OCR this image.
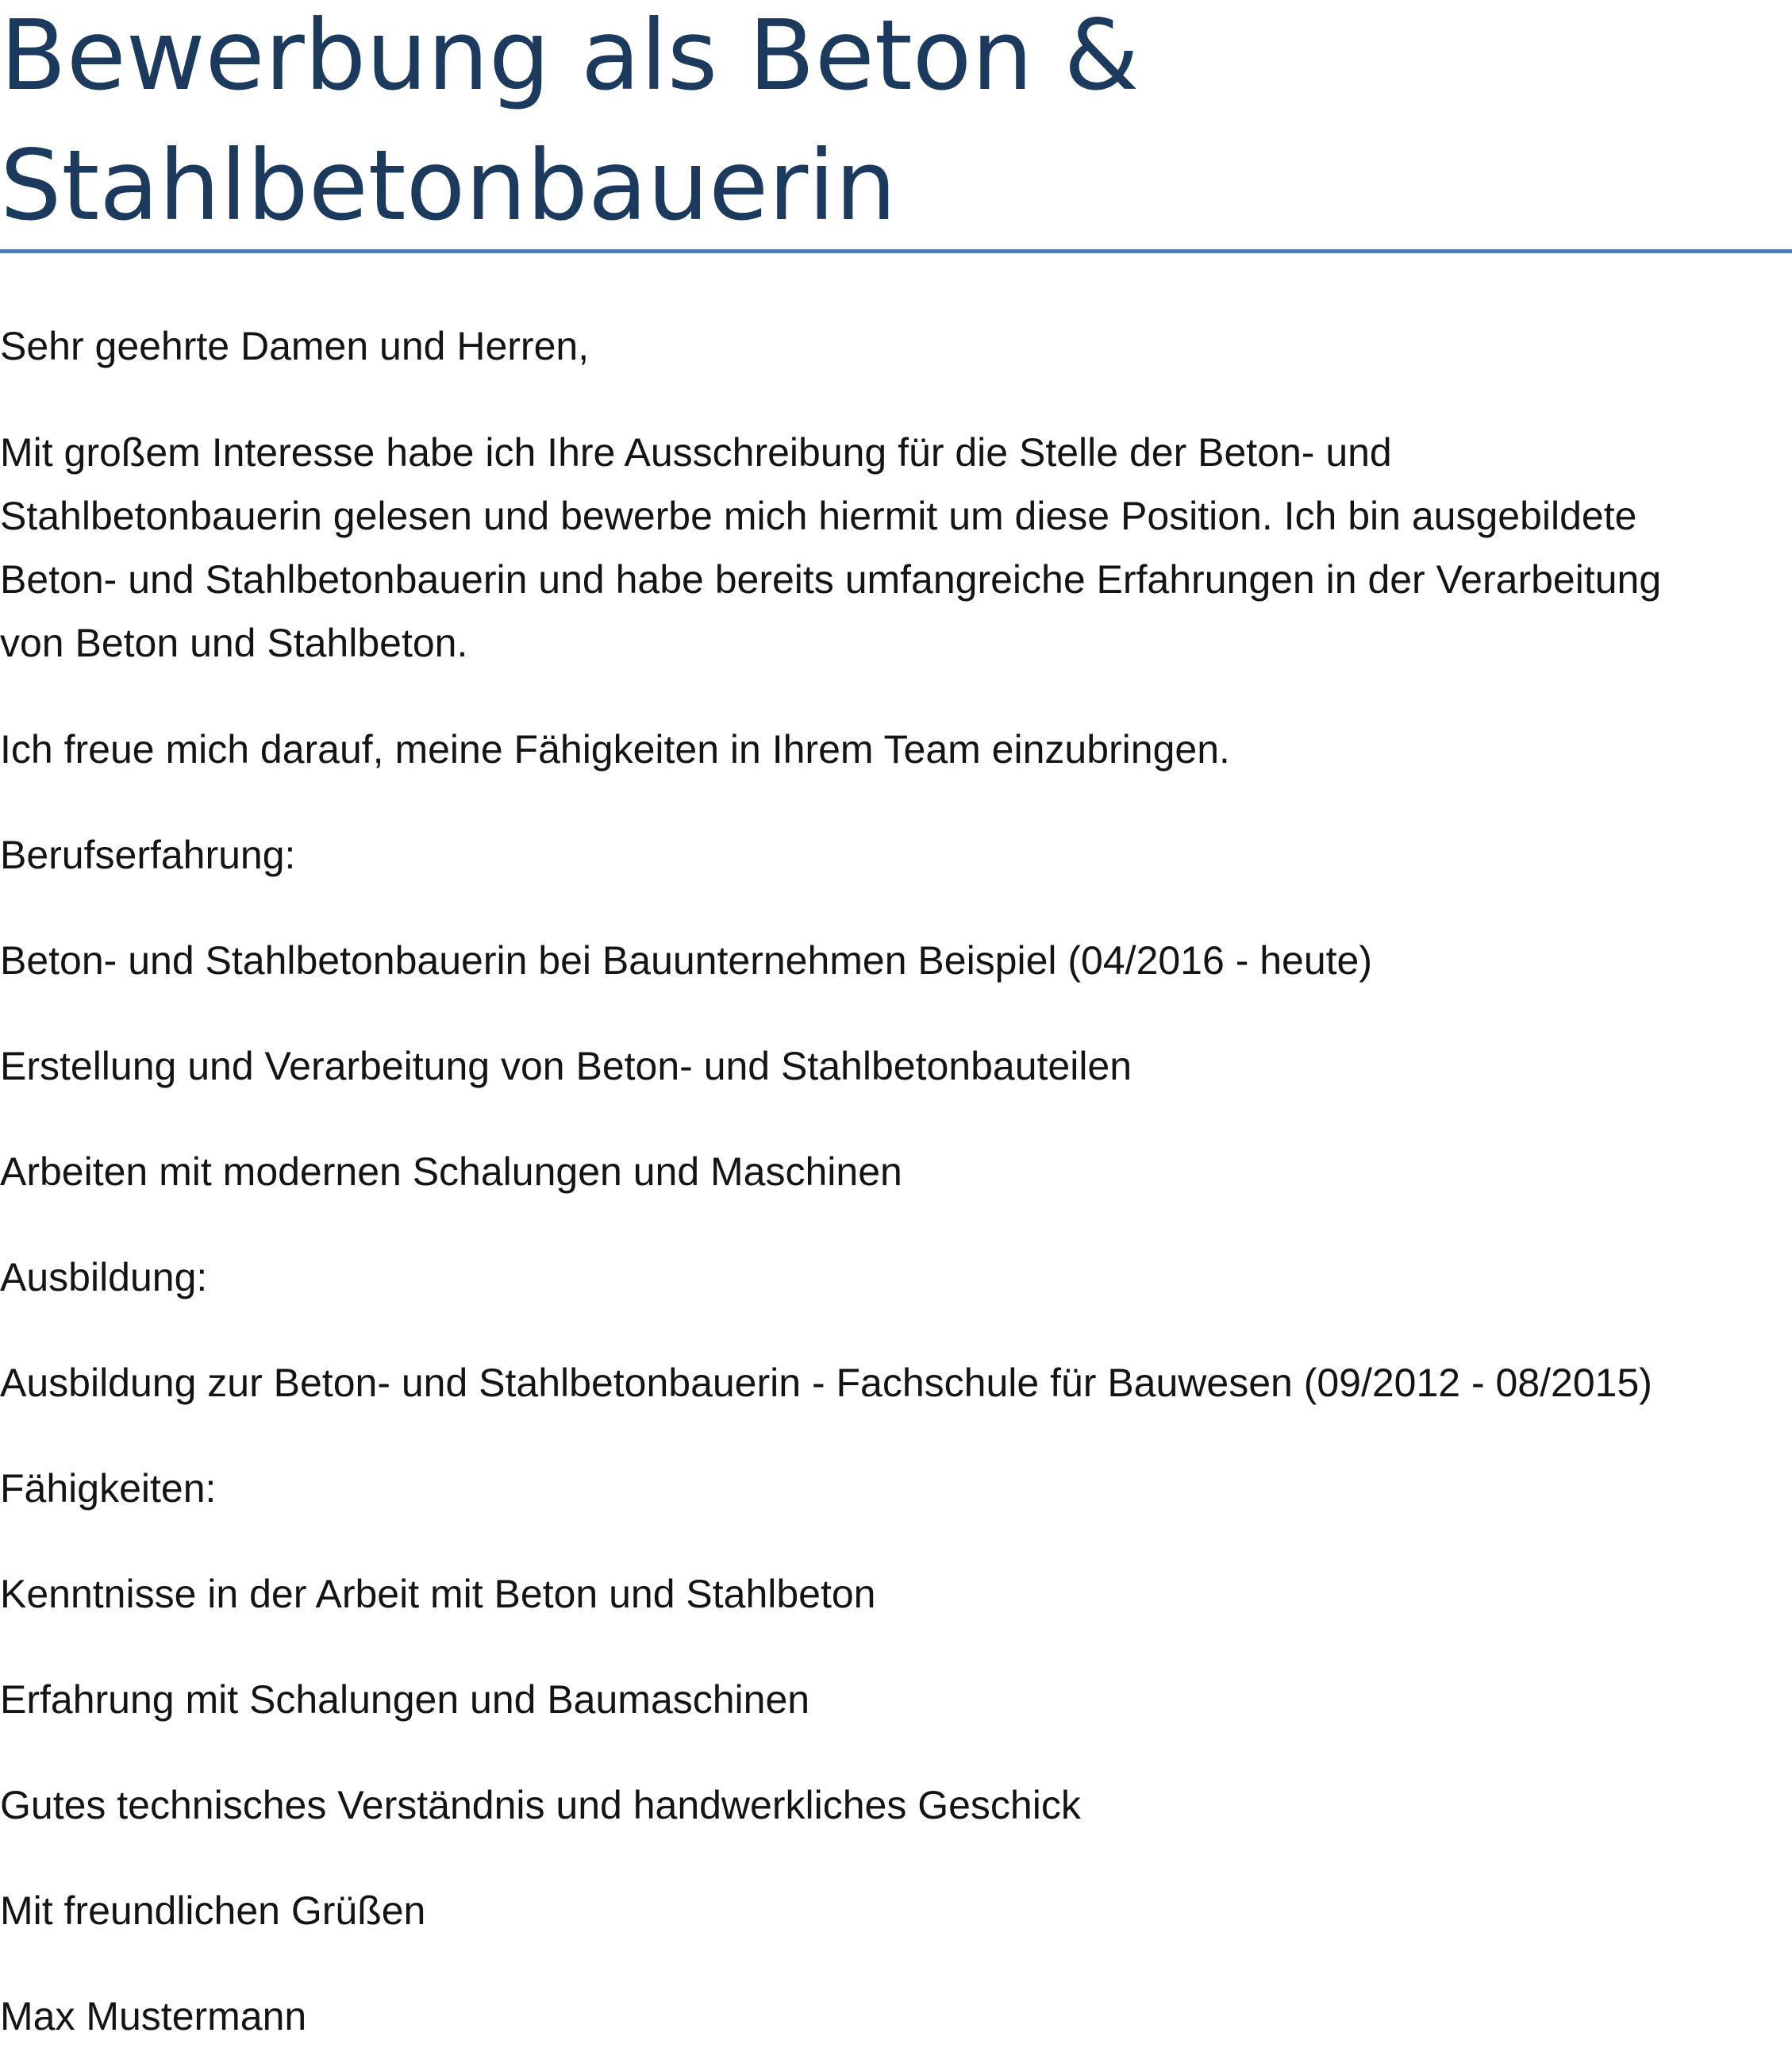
Bewerbung als Beton &
Stahlbetonbauerin

Sehr geehrte Damen und Herren,

Mit großem Interesse habe ich Ihre Ausschreibung für die Stelle der Beton- und
Stahlbetonbauerin gelesen und bewerbe mich hiermit um diese Position. Ich bin ausgebildete
Beton- und Stahlbetonbauerin und habe bereits umfangreiche Erfahrungen in der Verarbeitung
von Beton und Stahlbeton.

Ich freue mich darauf, meine Fähigkeiten in Ihrem Team einzubringen.

Berufserfahrung:

Beton- und Stahlbetonbauerin bei Bauunternehmen Beispiel (04/2016 - heute)

Erstellung und Verarbeitung von Beton- und Stahlbetonbauteilen

Arbeiten mit modernen Schalungen und Maschinen

Ausbildung:

Ausbildung zur Beton- und Stahlbetonbauerin - Fachschule für Bauwesen (09/2012 - 08/2015)

Fähigkeiten:

Kenntnisse in der Arbeit mit Beton und Stahlbeton

Erfahrung mit Schalungen und Baumaschinen

Gutes technisches Verständnis und handwerkliches Geschick

Mit freundlichen Grüßen

Max Mustermann
